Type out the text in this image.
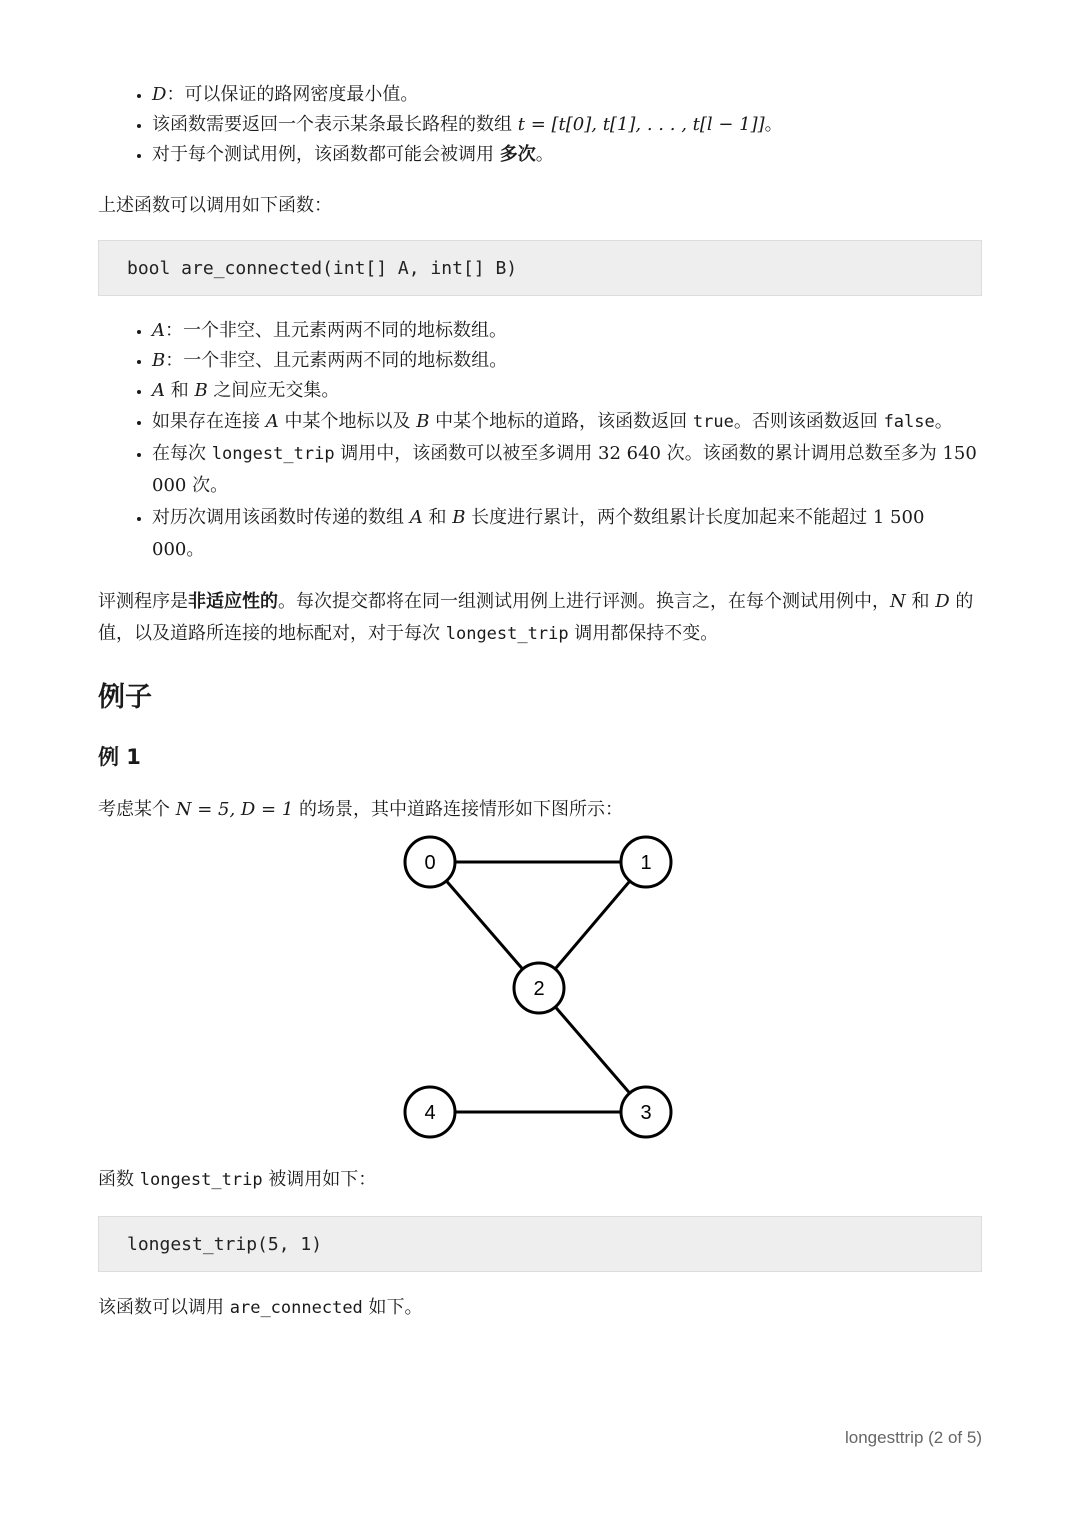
• D：可以保证的路网密度最小值。
• 该函数需要返回一个表示某条最长路程的数组 t = [t[0], t[1], . . . , t[l − 1]]。
• 对于每个测试用例，该函数都可能会被调用 多次。

上述函数可以调用如下函数：

bool are_connected(int[] A, int[] B)
• A：一个非空、且元素两两不同的地标数组。
• B：一个非空、且元素两两不同的地标数组。
• A 和 B 之间应无交集。
• 如果存在连接 A 中某个地标以及 B 中某个地标的道路，该函数返回 true。否则该函数返回 false。
• 在每次 longest_trip 调用中，该函数可以被至多调用 32 640 次。该函数的累计调用总数至多为 150 000 次。
• 对历次调用该函数时传递的数组 A 和 B 长度进行累计，两个数组累计长度加起来不能超过 1 500 000。

评测程序是非适应性的。每次提交都将在同一组测试用例上进行评测。换言之，在每个测试用例中，N 和 D 的值，以及道路所连接的地标配对，对于每次 longest_trip 调用都保持不变。

例子
例 1

考虑某个 N = 5, D = 1 的场景，其中道路连接情形如下图所示：

0	1
2
3
4

函数 longest_trip 被调用如下：

longest_trip(5, 1)

该函数可以调用 are_connected 如下。

longesttrip (2 of 5)
